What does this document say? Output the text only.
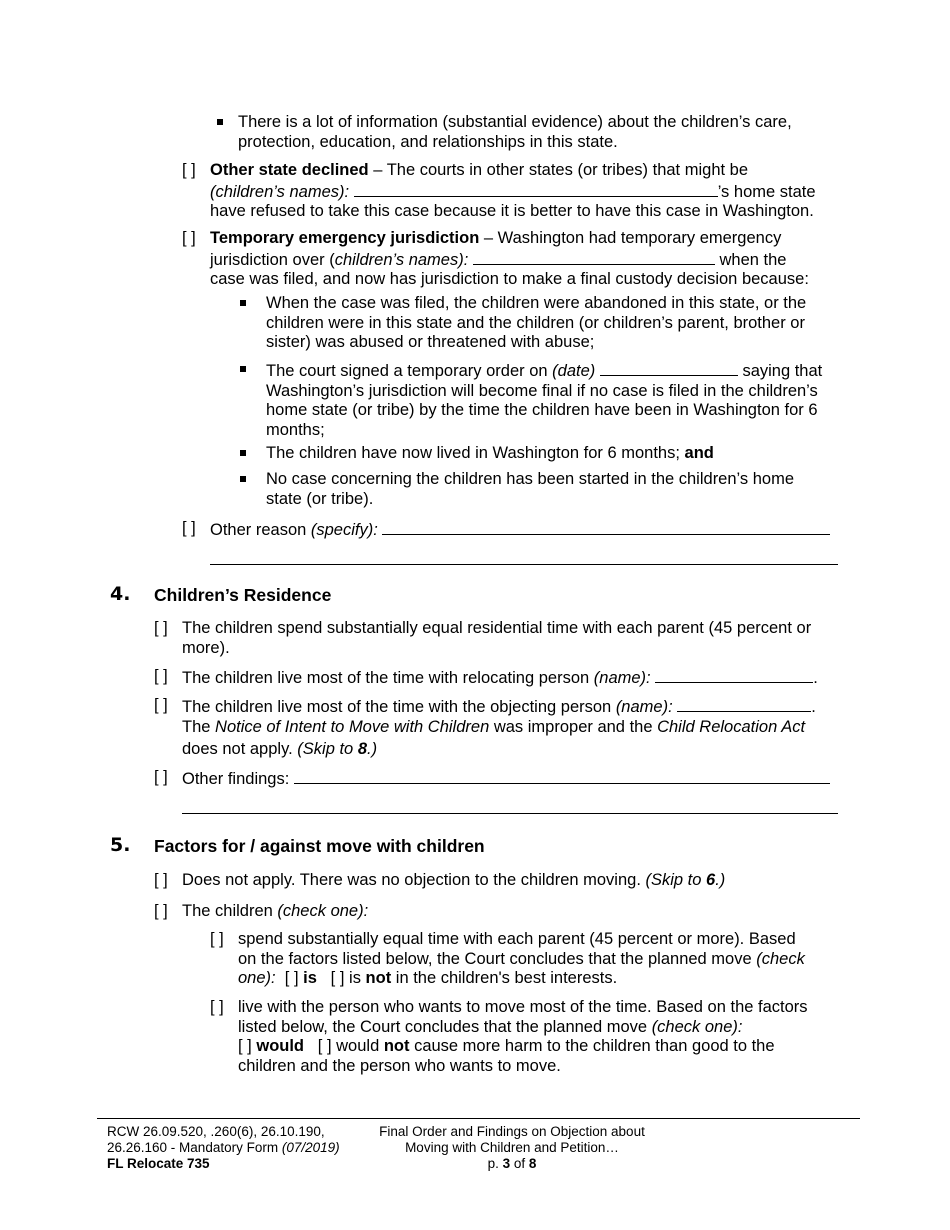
There is a lot of information (substantial evidence) about the children’s care, protection, education, and relationships in this state.

[ ] Other state declined – The courts in other states (or tribes) that might be
(children’s names):	’s home state
have refused to take this case because it is better to have this case in Washington.
[ ] Temporary emergency jurisdiction – Washington had temporary emergency
jurisdiction over (children’s names):	when the
case was filed, and now has jurisdiction to make a final custody decision because:

When the case was filed, the children were abandoned in this state, or the children were in this state and the children (or children’s parent, brother or sister) was abused or threatened with abuse;

The court signed a temporary order on (date)	saying that

Washington’s jurisdiction will become final if no case is filed in the children’s home state (or tribe) by the time the children have been in Washington for 6 months;

The children have now lived in Washington for 6 months; and

No case concerning the children has been started in the children’s home state (or tribe).

[ ] Other reason (specify):
4. Children’s Residence
[ ] The children spend substantially equal residential time with each parent (45 percent or more).

[ ] The children live most of the time with relocating person (name):	.
[ ] The children live most of the time with the objecting person (name):	.
The Notice of Intent to Move with Children was improper and the Child Relocation Act
does not apply. (Skip to 8.)
[ ] Other findings:
5. Factors for / against move with children
[ ] Does not apply. There was no objection to the children moving. (Skip to 6.)
[ ] The children (check one):
[ ] spend substantially equal time with each parent (45 percent or more). Based
on the factors listed below, the Court concludes that the planned move (check
one): [ ] is [ ] is not in the children's best interests.
[ ] live with the person who wants to move most of the time. Based on the factors
listed below, the Court concludes that the planned move (check one):
[ ] would [ ] would not cause more harm to the children than good to the
children and the person who wants to move.
RCW 26.09.520, .260(6), 26.10.190,
26.26.160 - Mandatory Form (07/2019)
FL Relocate 735
Final Order and Findings on Objection about
Moving with Children and Petition…
p. 3 of 8
